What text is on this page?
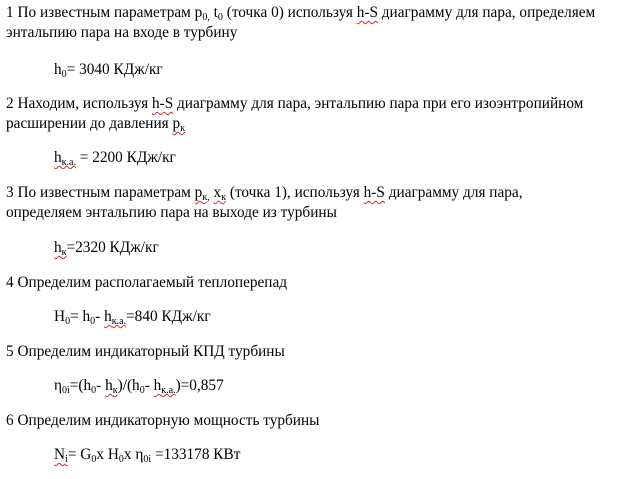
1 По известным параметрам $p_{0,}$ $t_0$ (точка 0) используя h-S диаграмму для пара, определяем
энтальпию пара на входе в турбину
$h_0= 3040$ КДж/кг
2 Находим, используя h-S диаграмму для пара, энтальпию пара при его изоэнтропийном
расширении до давления $p_к$
$h_{к.а.} = 2200$ КДж/кг
3 По известным параметрам $p_{к,}$ $x_к$ (точка 1), используя h-S диаграмму для пара,
определяем энтальпию пара на выходе из турбины
$h_к=2320$ КДж/кг
4 Определим располагаемый теплоперепад
$H_0= h_0-$ $h_{к.а.}=840$ КДж/кг
5 Определим индикаторный КПД турбины
$\eta_{0i}=(h_0-$ $h_к)/(h_0-$ $h_{к.а.})=0,857$
6 Определим индикаторную мощность турбины
$N_i= G_0x$ $H_0x$ $\eta_{0i} =133178$ КВт
